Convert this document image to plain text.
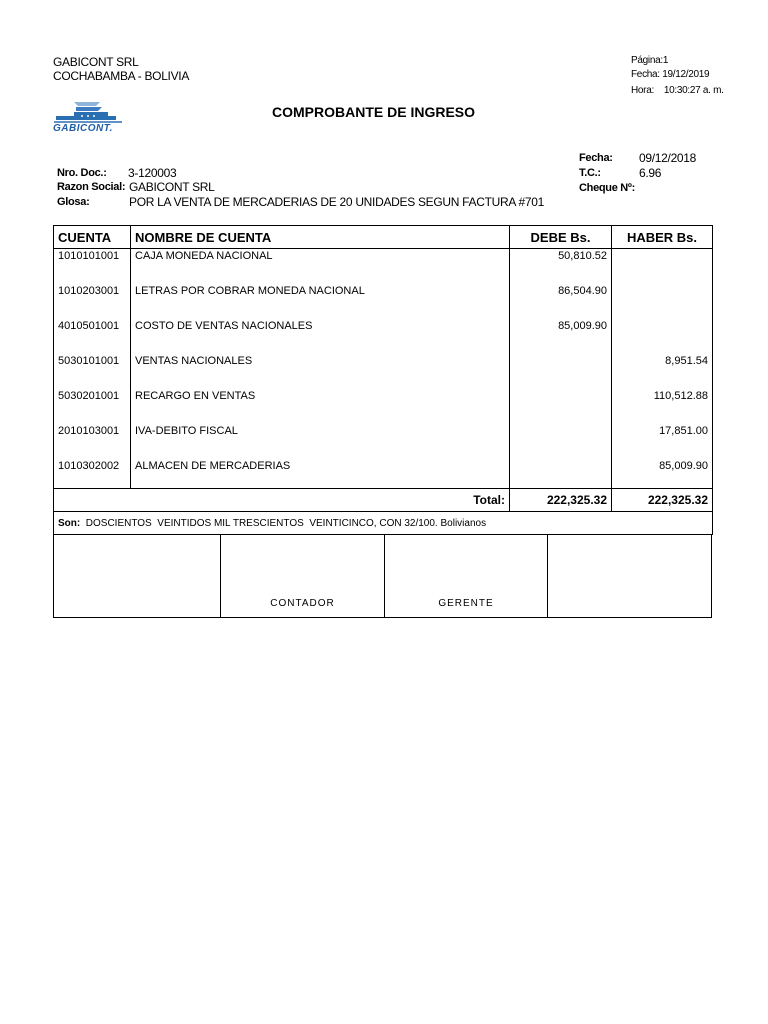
GABICONT SRL
COCHABAMBA - BOLIVIA
GABICONT.
Página:1
Fecha: 19/12/2019
Hora:    10:30:27 a. m.
COMPROBANTE DE INGRESO
Nro. Doc.: 3-120003
Razon Social: GABICONT SRL
Glosa:	POR LA VENTA DE MERCADERIAS DE 20 UNIDADES SEGUN FACTURA #701
Fecha: 09/12/2018
T.C.:	6.96
Cheque Nº:
CUENTA	NOMBRE DE CUENTA	DEBE Bs.	HABER Bs.
1010101001	CAJA MONEDA NACIONAL	50,810.52	
1010203001	LETRAS POR COBRAR MONEDA NACIONAL	86,504.90	
4010501001	COSTO DE VENTAS NACIONALES	85,009.90	
5030101001	VENTAS NACIONALES		8,951.54
5030201001	RECARGO EN VENTAS		110,512.88
2010103001	IVA-DEBITO FISCAL		17,851.00
1010302002	ALMACEN DE MERCADERIAS		85,009.90
Total:		222,325.32	222,325.32
Son: DOSCIENTOS  VEINTIDOS MIL TRESCIENTOS  VEINTICINCO, CON 32/100. Bolivianos			
CONTADOR	GERENTE
